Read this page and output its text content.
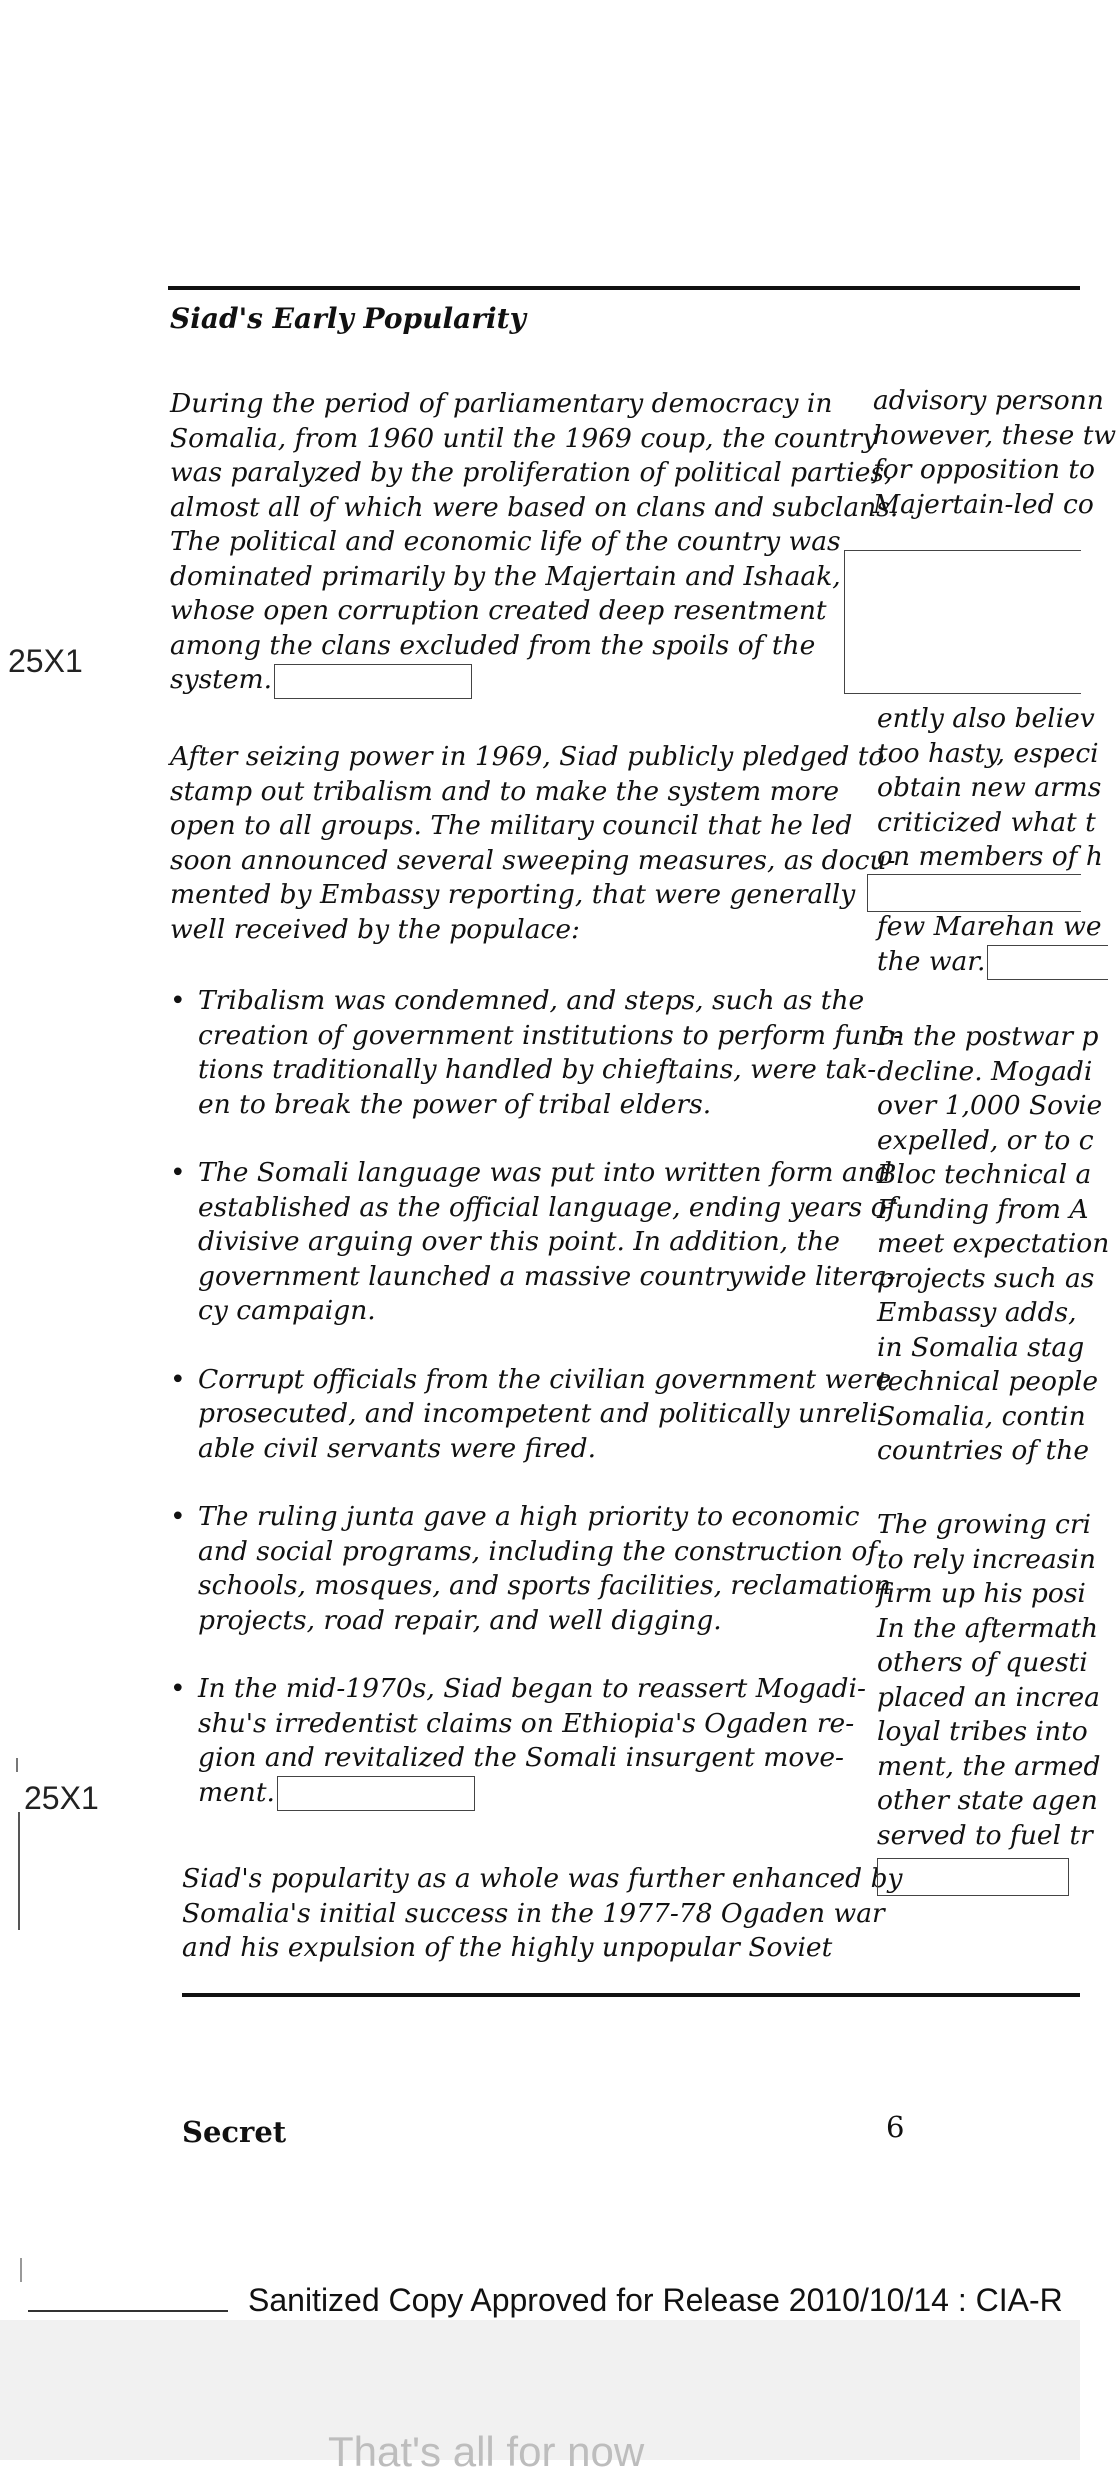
Siad's Early Popularity
During the period of parliamentary democracy in
Somalia, from 1960 until the 1969 coup, the country
was paralyzed by the proliferation of political parties,
almost all of which were based on clans and subclans.
The political and economic life of the country was
dominated primarily by the Majertain and Ishaak,
whose open corruption created deep resentment
among the clans excluded from the spoils of the
system.
After seizing power in 1969, Siad publicly pledged to
stamp out tribalism and to make the system more
open to all groups. The military council that he led
soon announced several sweeping measures, as docu-
mented by Embassy reporting, that were generally
well received by the populace:
• Tribalism was condemned, and steps, such as the
creation of government institutions to perform func-
tions traditionally handled by chieftains, were tak-
en to break the power of tribal elders.
• The Somali language was put into written form and
established as the official language, ending years of
divisive arguing over this point. In addition, the
government launched a massive countrywide litera-
cy campaign.
• Corrupt officials from the civilian government were
prosecuted, and incompetent and politically unreli-
able civil servants were fired.
• The ruling junta gave a high priority to economic
and social programs, including the construction of
schools, mosques, and sports facilities, reclamation
projects, road repair, and well digging.
• In the mid-1970s, Siad began to reassert Mogadi-
shu's irredentist claims on Ethiopia's Ogaden re-
gion and revitalized the Somali insurgent move-
ment.
Siad's popularity as a whole was further enhanced by
Somalia's initial success in the 1977-78 Ogaden war
and his expulsion of the highly unpopular Soviet
advisory personn
however, these tw
for opposition to
Majertain-led co
ently also believ
too hasty, especi
obtain new arms
criticized what t
on members of h
few Marehan we
the war.
In the postwar p
decline. Mogadi
over 1,000 Sovie
expelled, or to c
Bloc technical a
Funding from A
meet expectation
projects such as
Embassy adds,
in Somalia stag
technical people
Somalia, contin
countries of the
The growing cri
to rely increasin
firm up his posi
In the aftermath
others of questi
placed an increa
loyal tribes into
ment, the armed
other state agen
served to fuel tr
25X1
25X1
Secret	6
Sanitized Copy Approved for Release 2010/10/14 : CIA-R
That's all for now
